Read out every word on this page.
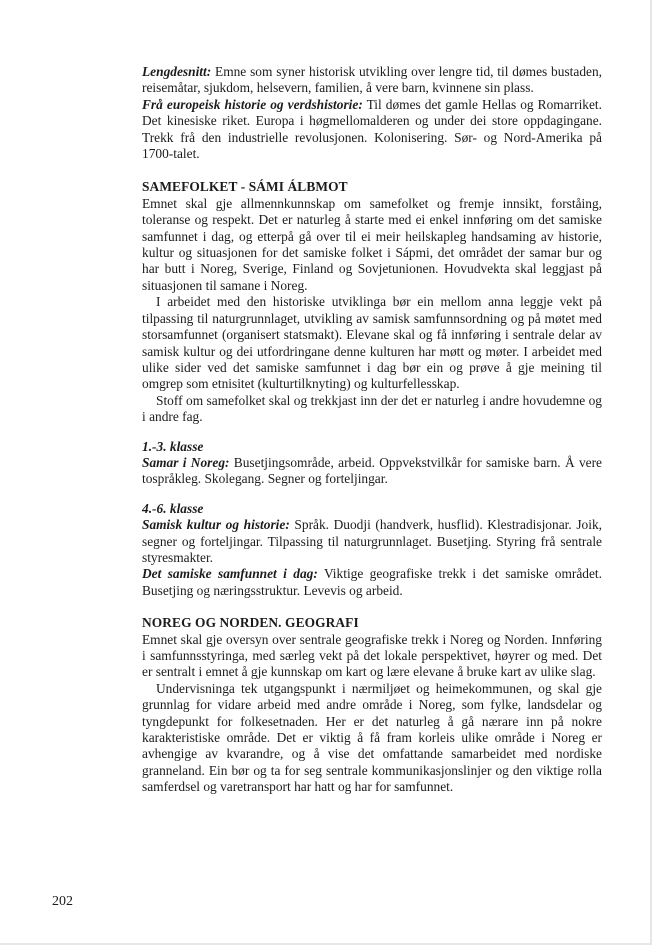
Lengdesnitt: Emne som syner historisk utvikling over lengre tid, til dømes bustaden, reisemåtar, sjukdom, helsevern, familien, å vere barn, kvinnene sin plass.

Frå europeisk historie og verdshistorie: Til dømes det gamle Hellas og Romarriket. Det kinesiske riket. Europa i høgmellomalderen og under dei store oppdagingane. Trekk frå den industrielle revolusjonen. Kolonisering. Sør- og Nord-Amerika på 1700-talet.

SAMEFOLKET - SÁMI ÁLBMOT

Emnet skal gje allmennkunnskap om samefolket og fremje innsikt, forståing, toleranse og respekt. Det er naturleg å starte med ei enkel innføring om det samiske samfunnet i dag, og etterpå gå over til ei meir heilskapleg handsaming av historie, kultur og situasjonen for det samiske folket i Sápmi, det området der samar bur og har butt i Noreg, Sverige, Finland og Sovjetunionen. Hovudvekta skal leggjast på situasjonen til samane i Noreg.

I arbeidet med den historiske utviklinga bør ein mellom anna leggje vekt på tilpassing til naturgrunnlaget, utvikling av samisk samfunnsordning og på møtet med storsamfunnet (organisert statsmakt). Elevane skal og få innføring i sentrale delar av samisk kultur og dei utfordringane denne kulturen har møtt og møter. I arbeidet med ulike sider ved det samiske samfunnet i dag bør ein og prøve å gje meining til omgrep som etnisitet (kulturtilknyting) og kulturfellesskap.

Stoff om samefolket skal og trekkjast inn der det er naturleg i andre hovudemne og i andre fag.

1.-3. klasse

Samar i Noreg: Busetjingsområde, arbeid. Oppvekstvilkår for samiske barn. Å vere tospråkleg. Skolegang. Segner og forteljingar.

4.-6. klasse

Samisk kultur og historie: Språk. Duodji (handverk, husflid). Klestradisjonar. Joik, segner og forteljingar. Tilpassing til naturgrunnlaget. Busetjing. Styring frå sentrale styresmakter.

Det samiske samfunnet i dag: Viktige geografiske trekk i det samiske området. Busetjing og næringsstruktur. Levevis og arbeid.

NOREG OG NORDEN. GEOGRAFI

Emnet skal gje oversyn over sentrale geografiske trekk i Noreg og Norden. Innføring i samfunnsstyringa, med særleg vekt på det lokale perspektivet, høyrer og med. Det er sentralt i emnet å gje kunnskap om kart og lære elevane å bruke kart av ulike slag.

Undervisninga tek utgangspunkt i nærmiljøet og heimekommunen, og skal gje grunnlag for vidare arbeid med andre område i Noreg, som fylke, landsdelar og tyngdepunkt for folkesetnaden. Her er det naturleg å gå nærare inn på nokre karakteristiske område. Det er viktig å få fram korleis ulike område i Noreg er avhengige av kvarandre, og å vise det omfattande samarbeidet med nordiske granneland. Ein bør og ta for seg sentrale kommunikasjonslinjer og den viktige rolla samferdsel og varetransport har hatt og har for samfunnet.

202
